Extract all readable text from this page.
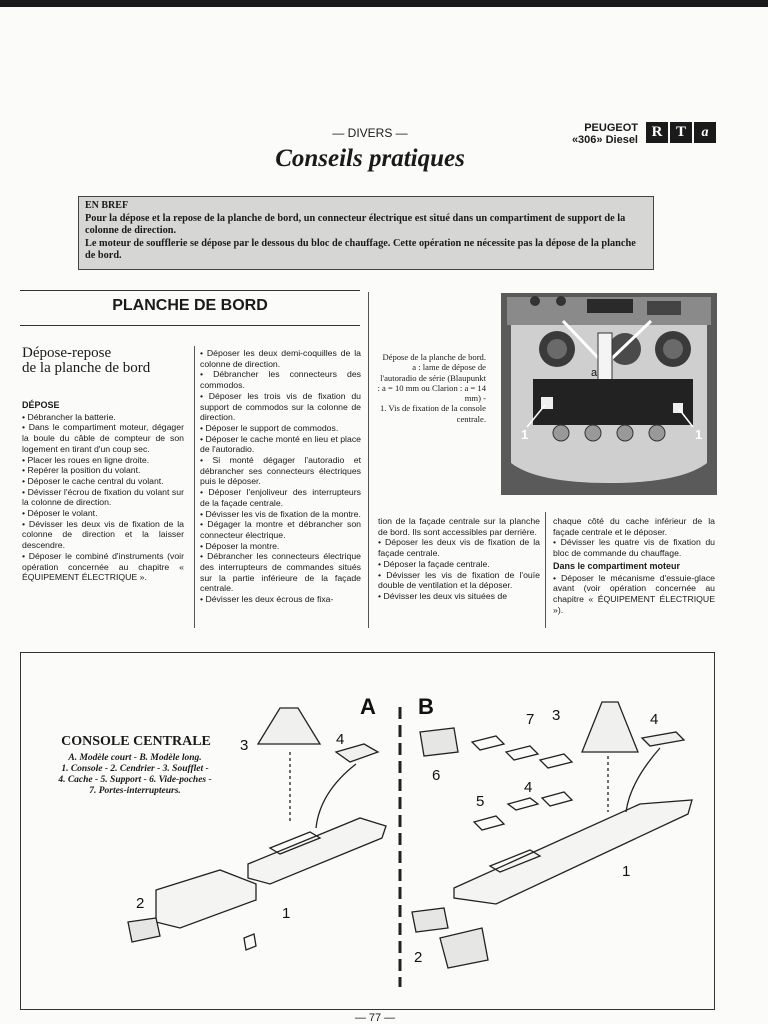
— DIVERS —
Conseils pratiques
PEUGEOT
«306» Diesel R T	a
EN BREF

Pour la dépose et la repose de la planche de bord, un connecteur électrique est situé dans un compartiment de support de la colonne de direction.

Le moteur de soufflerie se dépose par le dessous du bloc de chauffage. Cette opération ne nécessite pas la dépose de la planche de bord.

PLANCHE DE BORD
Dépose-repose
de la planche de bord
DÉPOSE

• Débrancher la batterie.

• Dans le compartiment moteur, dégager la boule du câble de compteur de son logement en tirant d'un coup sec.

• Placer les roues en ligne droite.

• Repérer la position du volant.

• Déposer le cache central du volant.

• Dévisser l'écrou de fixation du volant sur la colonne de direction.

• Déposer le volant.

• Dévisser les deux vis de fixation de la colonne de direction et la laisser descendre.

• Déposer le combiné d'instruments (voir opération concernée au chapitre « ÉQUIPEMENT ÉLECTRIQUE ».

• Déposer les deux demi-coquilles de la colonne de direction.

• Débrancher les connecteurs des commodos.

• Déposer les trois vis de fixation du support de commodos sur la colonne de direction.

• Déposer le support de commodos.

• Déposer le cache monté en lieu et place de l'autoradio.

• Si monté dégager l'autoradio et débrancher ses connecteurs électriques puis le déposer.

• Déposer l'enjoliveur des interrupteurs de la façade centrale.

• Dévisser les vis de fixation de la montre.

• Dégager la montre et débrancher son connecteur électrique.

• Déposer la montre.

• Débrancher les connecteurs électrique des interrupteurs de commandes situés sur la partie inférieure de la façade centrale.

• Dévisser les deux écrous de fixa-

Dépose de la planche de bord.
a : lame de dépose de l'autoradio de série (Blaupunkt : a = 10 mm ou Clarion : a = 14 mm) -
1. Vis de fixation de la console centrale.
a
1	1

tion de la façade centrale sur la planche de bord. Ils sont accessibles par derrière.

• Déposer les deux vis de fixation de la façade centrale.

• Déposer la façade centrale.

• Dévisser les vis de fixation de l'ouïe double de ventilation et la déposer.

• Dévisser les deux vis situées de

chaque côté du cache inférieur de la façade centrale et le déposer.

• Dévisser les quatre vis de fixation du bloc de commande du chauffage.

Dans le compartiment moteur

• Déposer le mécanisme d'essuie-glace avant (voir opération concernée au chapitre « ÉQUIPEMENT ÉLECTRIQUE »).

CONSOLE CENTRALE
A. Modèle court - B. Modèle long.
1. Console - 2. Cendrier - 3. Soufflet -
4. Cache - 5. Support - 6. Vide-poches -
7. Portes-interrupteurs.
A B
3	4
1
2
3	4
7
6
4
5
1
2
— 77 —
